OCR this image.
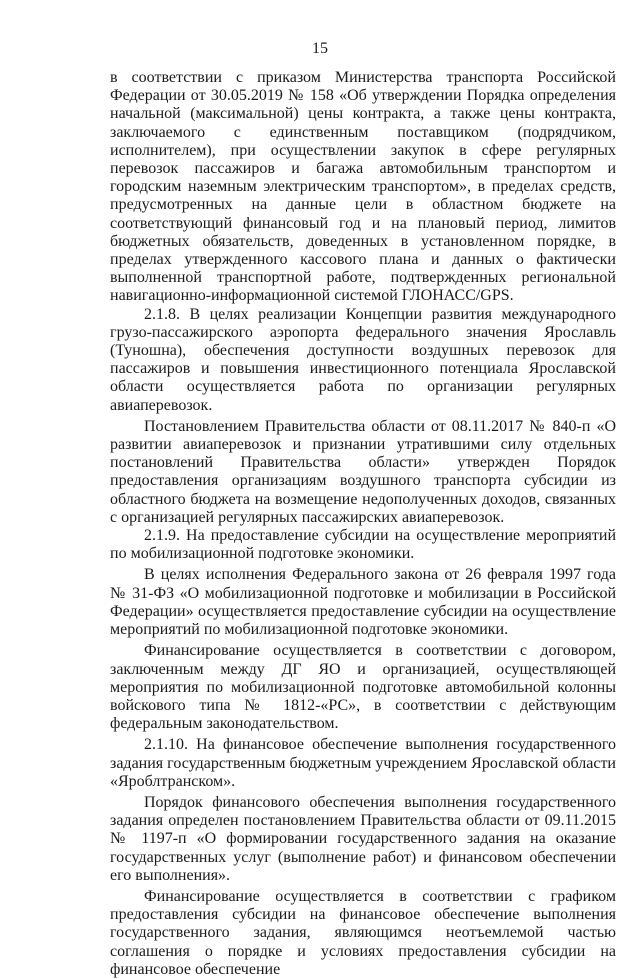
15

в соответствии с приказом Министерства транспорта Российской Федерации от 30.05.2019 № 158 «Об утверждении Порядка определения начальной (максимальной) цены контракта, а также цены контракта, заключаемого с единственным поставщиком (подрядчиком, исполнителем), при осуществлении закупок в сфере регулярных перевозок пассажиров и багажа автомобильным транспортом и городским наземным электрическим транспортом», в пределах средств, предусмотренных на данные цели в областном бюджете на соответствующий финансовый год и на плановый период, лимитов бюджетных обязательств, доведенных в установленном порядке, в пределах утвержденного кассового плана и данных о фактически выполненной транспортной работе, подтвержденных региональной навигационно-информационной системой ГЛОНАСС/GPS.

2.1.8. В целях реализации Концепции развития международного грузо-пассажирского аэропорта федерального значения Ярославль (Туношна), обеспечения доступности воздушных перевозок для пассажиров и повышения инвестиционного потенциала Ярославской области осуществляется работа по организации регулярных авиаперевозок.

Постановлением Правительства области от 08.11.2017 № 840-п «О развитии авиаперевозок и признании утратившими силу отдельных постановлений Правительства области» утвержден Порядок предоставления организациям воздушного транспорта субсидии из областного бюджета на возмещение недополученных доходов, связанных с организацией регулярных пассажирских авиаперевозок.

2.1.9. На предоставление субсидии на осуществление мероприятий по мобилизационной подготовке экономики.

В целях исполнения Федерального закона от 26 февраля 1997 года № 31-ФЗ «О мобилизационной подготовке и мобилизации в Российской Федерации» осуществляется предоставление субсидии на осуществление мероприятий по мобилизационной подготовке экономики.

Финансирование осуществляется в соответствии с договором, заключенным между ДГ ЯО и организацией, осуществляющей мероприятия по мобилизационной подготовке автомобильной колонны войскового типа № 1812-«РС», в соответствии с действующим федеральным законодательством.

2.1.10. На финансовое обеспечение выполнения государственного задания государственным бюджетным учреждением Ярославской области «Яроблтранском».

Порядок финансового обеспечения выполнения государственного задания определен постановлением Правительства области от 09.11.2015 № 1197-п «О формировании государственного задания на оказание государственных услуг (выполнение работ) и финансовом обеспечении его выполнения».

Финансирование осуществляется в соответствии с графиком предоставления субсидии на финансовое обеспечение выполнения государственного задания, являющимся неотъемлемой частью соглашения о порядке и условиях предоставления субсидии на финансовое обеспечение
